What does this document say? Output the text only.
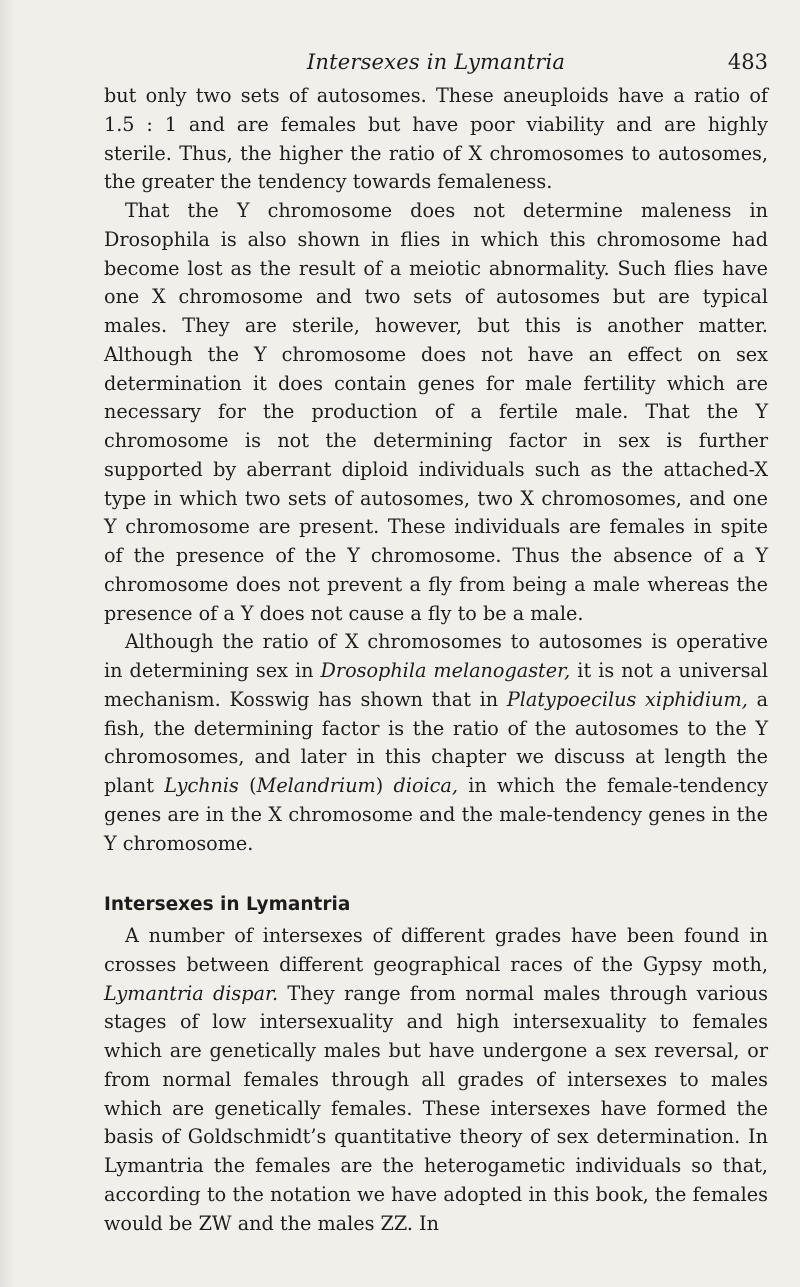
Intersexes in Lymantria	483

but only two sets of autosomes. These aneuploids have a ratio of 1.5 : 1 and are females but have poor viability and are highly sterile. Thus, the higher the ratio of X chromosomes to autosomes, the greater the tendency towards femaleness.

That the Y chromosome does not determine maleness in Drosophila is also shown in flies in which this chromosome had become lost as the result of a meiotic abnormality. Such flies have one X chromosome and two sets of autosomes but are typical males. They are sterile, however, but this is another matter. Although the Y chromosome does not have an effect on sex determination it does contain genes for male fertility which are necessary for the production of a fertile male. That the Y chromosome is not the determining factor in sex is further supported by aberrant diploid individuals such as the attached-X type in which two sets of autosomes, two X chromosomes, and one Y chromosome are present. These individuals are females in spite of the presence of the Y chromosome. Thus the absence of a Y chromosome does not prevent a fly from being a male whereas the presence of a Y does not cause a fly to be a male.

Although the ratio of X chromosomes to autosomes is operative in determining sex in Drosophila melanogaster, it is not a universal mechanism. Kosswig has shown that in Platypoecilus xiphidium, a fish, the determining factor is the ratio of the autosomes to the Y chromosomes, and later in this chapter we discuss at length the plant Lychnis (Melandrium) dioica, in which the female-tendency genes are in the X chromosome and the male-tendency genes in the Y chromosome.

Intersexes in Lymantria

A number of intersexes of different grades have been found in crosses between different geographical races of the Gypsy moth, Lymantria dispar. They range from normal males through various stages of low intersexuality and high intersexuality to females which are genetically males but have undergone a sex reversal, or from normal females through all grades of intersexes to males which are genetically females. These intersexes have formed the basis of Goldschmidt’s quantitative theory of sex determination. In Lymantria the females are the heterogametic individuals so that, according to the notation we have adopted in this book, the females would be ZW and the males ZZ. In
